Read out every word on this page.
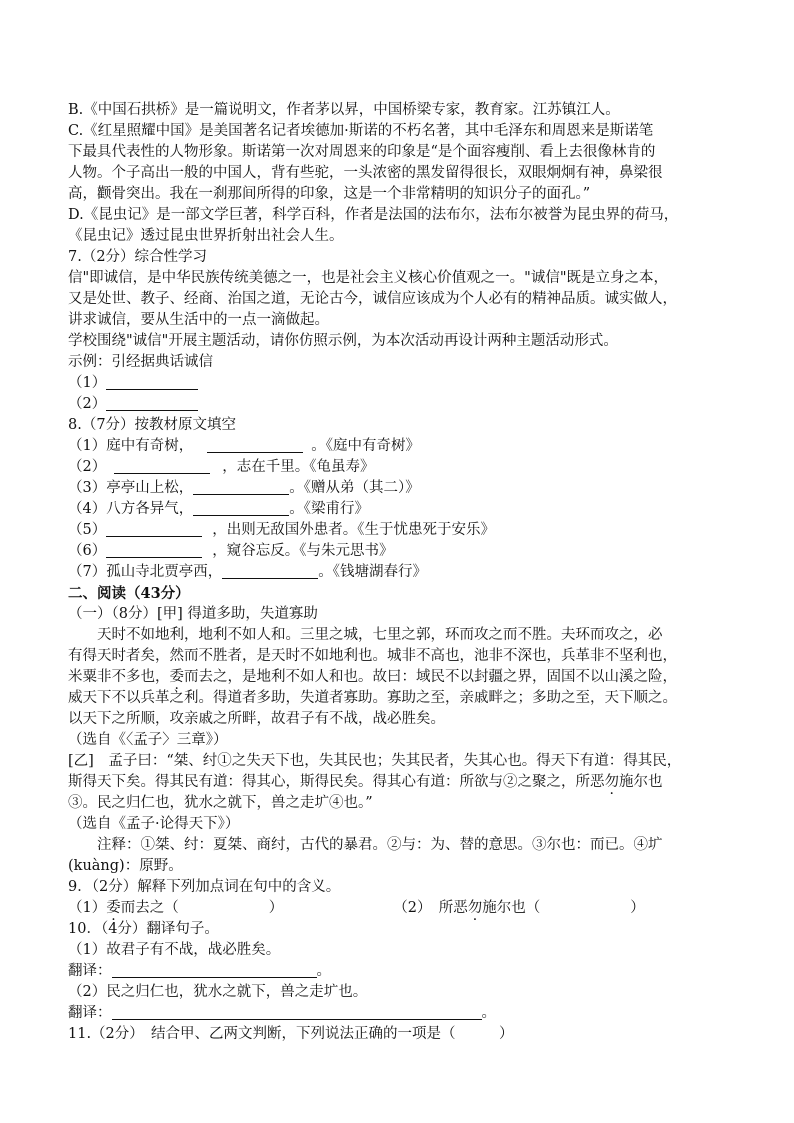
B.《中国石拱桥》是一篇说明文，作者茅以昇，中国桥梁专家，教育家。江苏镇江人。

C.《红星照耀中国》是美国著名记者埃德加·斯诺的不朽名著，其中毛泽东和周恩来是斯诺笔

下最具代表性的人物形象。斯诺第一次对周恩来的印象是“是个面容瘦削、看上去很像林肯的

人物。个子高出一般的中国人，背有些驼，一头浓密的黑发留得很长，双眼炯炯有神，鼻梁很

高，颧骨突出。我在一刹那间所得的印象，这是一个非常精明的知识分子的面孔。”

D.《昆虫记》是一部文学巨著，科学百科，作者是法国的法布尔，法布尔被誉为昆虫界的荷马，

《昆虫记》透过昆虫世界折射出社会人生。

7.（2分）综合性学习

信"即诚信，是中华民族传统美德之一，也是社会主义核心价值观之一。"诚信"既是立身之本，

又是处世、教子、经商、治国之道，无论古今，诚信应该成为个人必有的精神品质。诚实做人，

讲求诚信，要从生活中的一点一滴做起。

学校围绕"诚信"开展主题活动，请你仿照示例，为本次活动再设计两种主题活动形式。

示例：引经据典话诚信

（1）

（2）

8.（7分）按教材原文填空

（1）庭中有奇树，	。《庭中有奇树》

（2）	，志在千里。《龟虽寿》

（3）亭亭山上松，	。《赠从弟（其二）》

（4）八方各异气，	。《梁甫行》

（5）	，出则无敌国外患者。《生于忧患死于安乐》

（6）	，窥谷忘反。《与朱元思书》

（7）孤山寺北贾亭西，	。《钱塘湖春行》

二、阅读（43分）

（一）（8分）[甲] 得道多助，失道寡助

天时不如地利，地利不如人和。三里之城，七里之郭，环而攻之而不胜。夫环而攻之，必

有得天时者矣，然而不胜者，是天时不如地利也。城非不高也，池非不深也，兵革非不坚利也，

米粟非不多也，委而去之，是地利不如人和也。故曰：域民不以封疆之界，固国不以山溪之险，

威天下不以兵革之利。得道者多助，失道者寡助。寡助之至，亲戚畔之；多助之至，天下顺之。

以天下之所顺，攻亲戚之所畔，故君子有不战，战必胜矣。

（选自《〈孟子〉三章》）

[乙]　孟子曰：“桀、纣①之失天下也，失其民也；失其民者，失其心也。得天下有道：得其民，

斯得天下矣。得其民有道：得其心，斯得民矣。得其心有道：所欲与②之聚之，所恶勿施尔也

③。民之归仁也，犹水之就下，兽之走圹④也。”

（选自《孟子·论得天下》）

注释：①桀、纣：夏桀、商纣，古代的暴君。②与：为、替的意思。③尔也：而已。④圹

(kuàng)：原野。

9．（2分）解释下列加点词在句中的含义。

（1）委而去之（	）	（2）　所恶勿施尔也（	）

10．（4分）翻译句子。

（1）故君子有不战，战必胜矣。

翻译：	。

（2）民之归仁也，犹水之就下，兽之走圹也。

翻译：	。

11.（2分）　结合甲、乙两文判断，下列说法正确的一项是（　　　）
